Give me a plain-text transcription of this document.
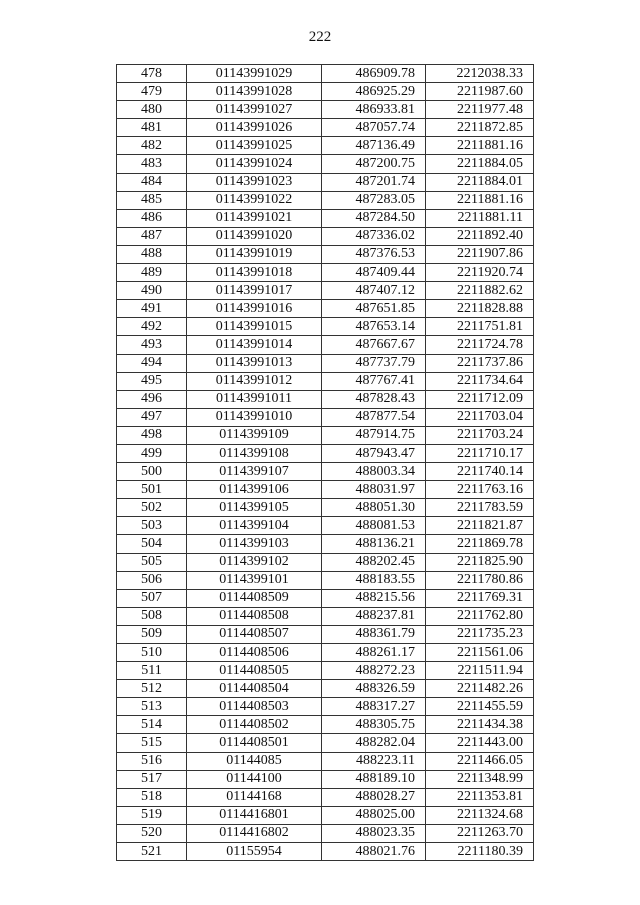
222
478	01143991029	486909.78	2212038.33
479	01143991028	486925.29	2211987.60
480	01143991027	486933.81	2211977.48
481	01143991026	487057.74	2211872.85
482	01143991025	487136.49	2211881.16
483	01143991024	487200.75	2211884.05
484	01143991023	487201.74	2211884.01
485	01143991022	487283.05	2211881.16
486	01143991021	487284.50	2211881.11
487	01143991020	487336.02	2211892.40
488	01143991019	487376.53	2211907.86
489	01143991018	487409.44	2211920.74
490	01143991017	487407.12	2211882.62
491	01143991016	487651.85	2211828.88
492	01143991015	487653.14	2211751.81
493	01143991014	487667.67	2211724.78
494	01143991013	487737.79	2211737.86
495	01143991012	487767.41	2211734.64
496	01143991011	487828.43	2211712.09
497	01143991010	487877.54	2211703.04
498	0114399109	487914.75	2211703.24
499	0114399108	487943.47	2211710.17
500	0114399107	488003.34	2211740.14
501	0114399106	488031.97	2211763.16
502	0114399105	488051.30	2211783.59
503	0114399104	488081.53	2211821.87
504	0114399103	488136.21	2211869.78
505	0114399102	488202.45	2211825.90
506	0114399101	488183.55	2211780.86
507	0114408509	488215.56	2211769.31
508	0114408508	488237.81	2211762.80
509	0114408507	488361.79	2211735.23
510	0114408506	488261.17	2211561.06
511	0114408505	488272.23	2211511.94
512	0114408504	488326.59	2211482.26
513	0114408503	488317.27	2211455.59
514	0114408502	488305.75	2211434.38
515	0114408501	488282.04	2211443.00
516	01144085	488223.11	2211466.05
517	01144100	488189.10	2211348.99
518	01144168	488028.27	2211353.81
519	0114416801	488025.00	2211324.68
520	0114416802	488023.35	2211263.70
521	01155954	488021.76	2211180.39
